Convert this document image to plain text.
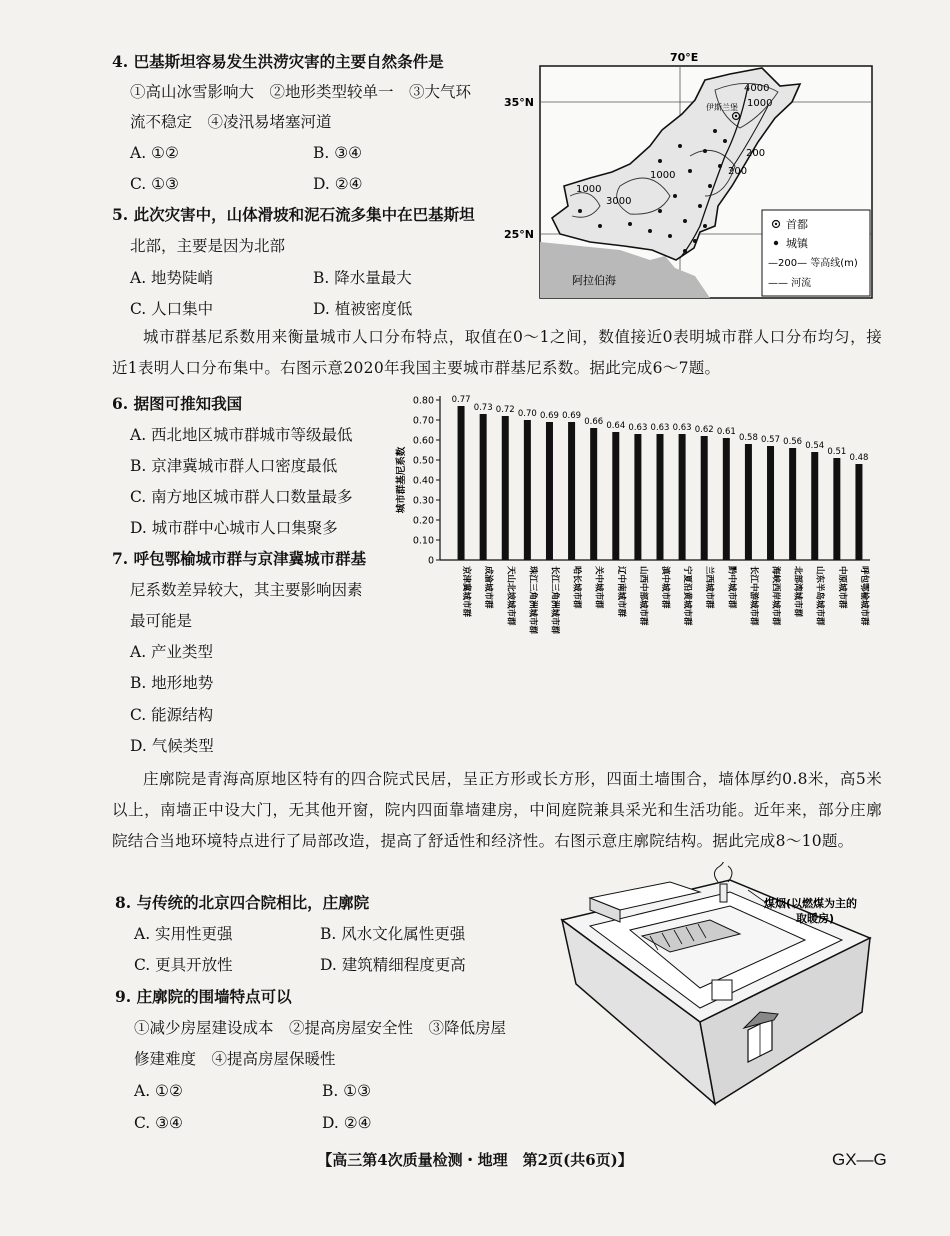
4. 巴基斯坦容易发生洪涝灾害的主要自然条件是
①高山冰雪影响大　②地形类型较单一　③大气环
流不稳定　④凌汛易堵塞河道
A. ①②	B. ③④
C. ①③	D. ②④
5. 此次灾害中，山体滑坡和泥石流多集中在巴基斯坦
北部，主要是因为北部
A. 地势陡峭	B. 降水量最大
C. 人口集中	D. 植被密度低
70°E
35°N
25°N
阿拉伯海
4000
1000
200
1000
1000
3000
200
伊斯兰堡
首都
城镇
—200— 等高线(m)
—— 河流
城市群基尼系数用来衡量城市人口分布特点，取值在0～1之间，数值接近0表明城市群人口分布均匀，接近1表明人口分布集中。右图示意2020年我国主要城市群基尼系数。据此完成6～7题。
6. 据图可推知我国
A. 西北地区城市群城市等级最低
B. 京津冀城市群人口密度最低
C. 南方地区城市群人口数量最多
D. 城市群中心城市人口集聚多
7. 呼包鄂榆城市群与京津冀城市群基
尼系数差异较大，其主要影响因素
最可能是
A. 产业类型
B. 地形地势
C. 能源结构
D. 气候类型
0
0.10
0.20
0.30
0.40
0.50
0.60
0.70
0.80
城市群基尼系数
0.77
京津冀城市群
0.73
成渝城市群
0.72
天山北坡城市群
0.70
珠江三角洲城市群
0.69
长江三角洲城市群
0.69
哈长城市群
0.66
关中城市群
0.64
辽中南城市群
0.63
山西中部城市群
0.63
滇中城市群
0.63
宁夏沿黄城市群
0.62
兰西城市群
0.61
黔中城市群
0.58
长江中游城市群
0.57
海峡西岸城市群
0.56
北部湾城市群
0.54
山东半岛城市群
0.51
中原城市群
0.48
呼包鄂榆城市群
庄廓院是青海高原地区特有的四合院式民居，呈正方形或长方形，四面土墙围合，墙体厚约0.8米，高5米以上，南墙正中设大门，无其他开窗，院内四面靠墙建房，中间庭院兼具采光和生活功能。近年来，部分庄廓院结合当地环境特点进行了局部改造，提高了舒适性和经济性。右图示意庄廓院结构。据此完成8～10题。
8. 与传统的北京四合院相比，庄廓院
A. 实用性更强	B. 风水文化属性更强
C. 更具开放性	D. 建筑精细程度更高
9. 庄廓院的围墙特点可以
①减少房屋建设成本　②提高房屋安全性　③降低房屋
修建难度　④提高房屋保暖性
A. ①②	B. ①③
C. ③④	D. ②④
煤烟(以燃煤为主的
取暖房)
【高三第4次质量检测・地理　第2页(共6页)】	GX—G
